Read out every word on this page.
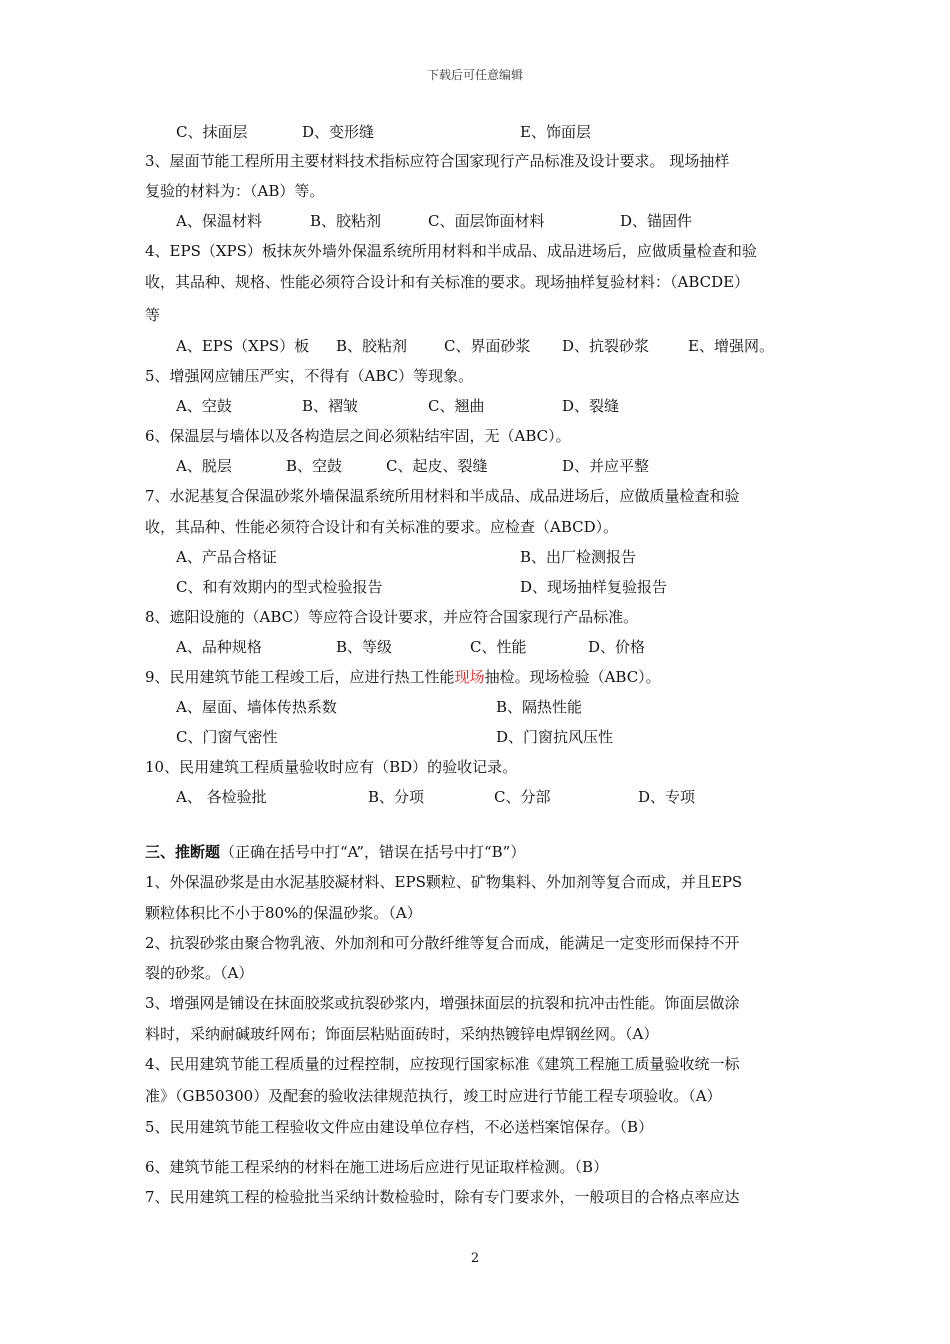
下载后可任意编辑
C、抹面层	D、变形缝	E、饰面层
3、屋面节能工程所用主要材料技术指标应符合国家现行产品标准及设计要求。 现场抽样
复验的材料为：（AB）等。
A、保温材料	B、胶粘剂	C、面层饰面材料	D、锚固件
4、EPS（XPS）板抹灰外墙外保温系统所用材料和半成品、成品进场后，应做质量检查和验
收，其品种、规格、性能必须符合设计和有关标准的要求。现场抽样复验材料：（ABCDE）
等
A、EPS（XPS）板 B、胶粘剂 C、界面砂浆 D、抗裂砂浆	E、增强网。
5、增强网应铺压严实，不得有（ABC）等现象。
A、空鼓	B、褶皱	C、翘曲	D、裂缝
6、保温层与墙体以及各构造层之间必须粘结牢固，无（ABC）。
A、脱层	B、空鼓	C、起皮、裂缝	D、并应平整
7、水泥基复合保温砂浆外墙保温系统所用材料和半成品、成品进场后，应做质量检查和验
收，其品种、性能必须符合设计和有关标准的要求。应检查（ABCD）。
A、产品合格证	B、出厂检测报告
C、和有效期内的型式检验报告	D、现场抽样复验报告
8、遮阳设施的（ABC）等应符合设计要求，并应符合国家现行产品标准。
A、品种规格	B、等级	C、性能	D、价格
9、民用建筑节能工程竣工后，应进行热工性能现场抽检。现场检验（ABC）。
A、屋面、墙体传热系数	B、隔热性能
C、门窗气密性	D、门窗抗风压性
10、民用建筑工程质量验收时应有（BD）的验收记录。
A、 各检验批	B、分项	C、分部	D、专项
三、推断题（正确在括号中打“A”，错误在括号中打“B”）
1、外保温砂浆是由水泥基胶凝材料、EPS颗粒、矿物集料、外加剂等复合而成，并且EPS
颗粒体积比不小于80%的保温砂浆。（A）
2、抗裂砂浆由聚合物乳液、外加剂和可分散纤维等复合而成，能满足一定变形而保持不开
裂的砂浆。（A）
3、增强网是铺设在抹面胶浆或抗裂砂浆内，增强抹面层的抗裂和抗冲击性能。饰面层做涂
料时，采纳耐碱玻纤网布；饰面层粘贴面砖时，采纳热镀锌电焊钢丝网。（A）
4、民用建筑节能工程质量的过程控制，应按现行国家标准《建筑工程施工质量验收统一标
准》（GB50300）及配套的验收法律规范执行，竣工时应进行节能工程专项验收。（A）
5、民用建筑节能工程验收文件应由建设单位存档，不必送档案馆保存。（B）
6、建筑节能工程采纳的材料在施工进场后应进行见证取样检测。（B）
7、民用建筑工程的检验批当采纳计数检验时，除有专门要求外，一般项目的合格点率应达
2
